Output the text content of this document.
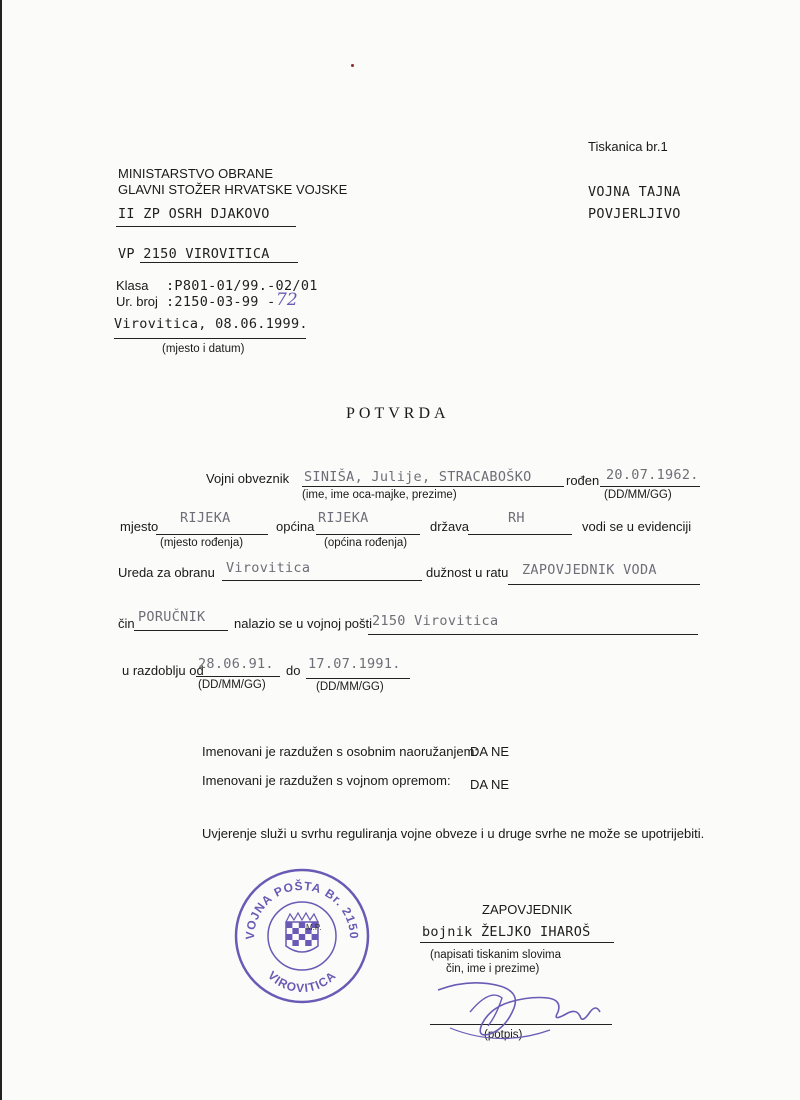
Tiskanica br.1
MINISTARSTVO OBRANE
GLAVNI STOŽER HRVATSKE VOJSKE
II ZP OSRH DJAKOVO
VP 2150 VIROVITICA
VOJNA TAJNA
POVJERLJIVO
Klasa :P801-01/99.-02/01
Ur. broj :2150-03-99 - 72
Virovitica, 08.06.1999.
(mjesto i datum)
POTVRDA
Vojni obveznik SINIŠA, Julije, STRACABOŠKO
(ime, ime oca-majke, prezime)
rođen 20.07.1962.
(DD/MM/GG)
mjesto
RIJEKA
(mjesto rođenja)
općina
RIJEKA
(općina rođenja)
država
RH
vodi se u evidenciji
Ureda za obranu Virovitica	dužnost u ratu ZAPOVJEDNIK VODA
čin PORUČNIK nalazio se u vojnoj pošti 2150 Virovitica
u razdoblju od
28.06.91.
(DD/MM/GG)
do 17.07.1991.
(DD/MM/GG)
Imenovani je razdužen s osobnim naoružanjem:
DA NE
Imenovani je razdužen s vojnom opremom: DA NE
Uvjerenje služi u svrhu reguliranja vojne obveze i u druge svrhe ne može se upotrijebiti.
VOJNA POŠTA Br. 2150
VIROVITICA
M.P.
ZAPOVJEDNIK
bojnik ŽELJKO IHAROŠ
(napisati tiskanim slovima
čin, ime i prezime)
(potpis)
